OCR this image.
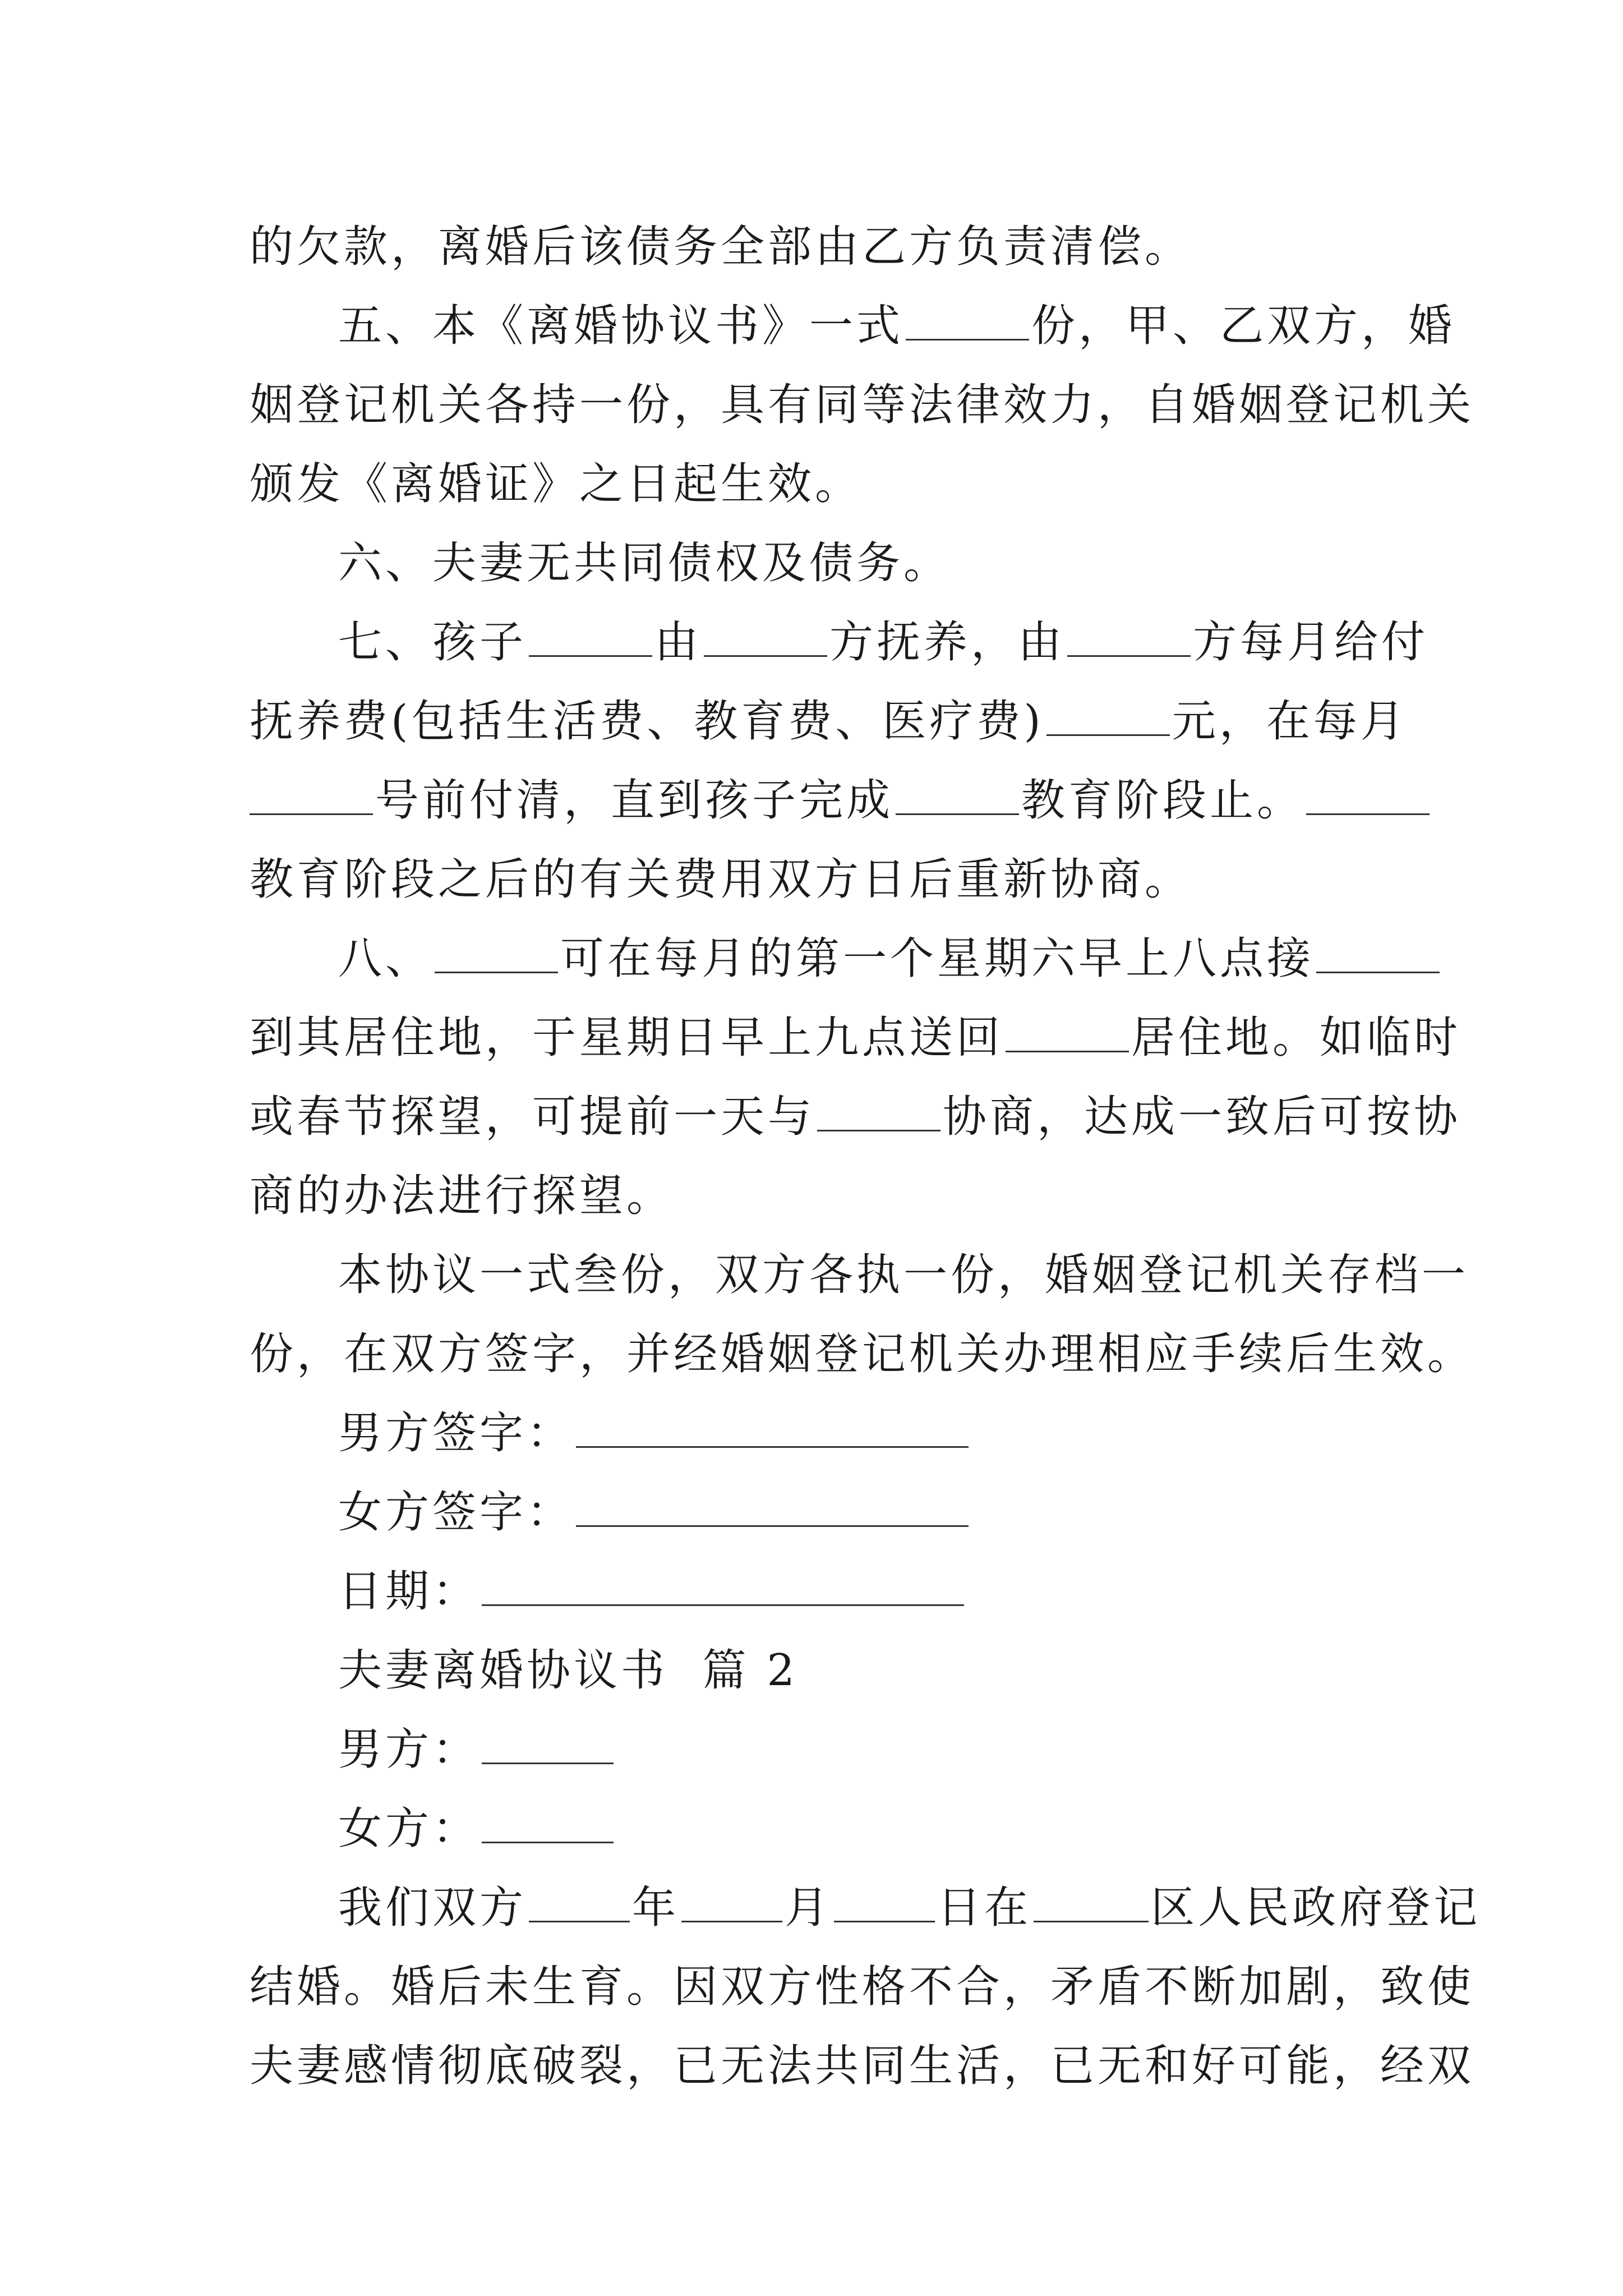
的欠款，离婚后该债务全部由乙方负责清偿。
五、本《离婚协议书》一式	份，甲、乙双方，婚
姻登记机关各持一份，具有同等法律效力，自婚姻登记机关
颁发《离婚证》之日起生效。
六、夫妻无共同债权及债务。
七、孩子	由	方抚养，由	方每月给付
抚养费(包括生活费、教育费、医疗费)	元，在每月
号前付清，直到孩子完成	教育阶段止。
教育阶段之后的有关费用双方日后重新协商。
八、	可在每月的第一个星期六早上八点接
到其居住地，于星期日早上九点送回	居住地。如临时
或春节探望，可提前一天与	协商，达成一致后可按协
商的办法进行探望。
本协议一式叁份，双方各执一份，婚姻登记机关存档一
份，在双方签字，并经婚姻登记机关办理相应手续后生效。
男方签字：
女方签字：
日期：
夫妻离婚协议书  篇 2
男方：
女方：
我们双方 年 月 日在	区人民政府登记
结婚。婚后未生育。因双方性格不合，矛盾不断加剧，致使
夫妻感情彻底破裂，已无法共同生活，已无和好可能，经双
